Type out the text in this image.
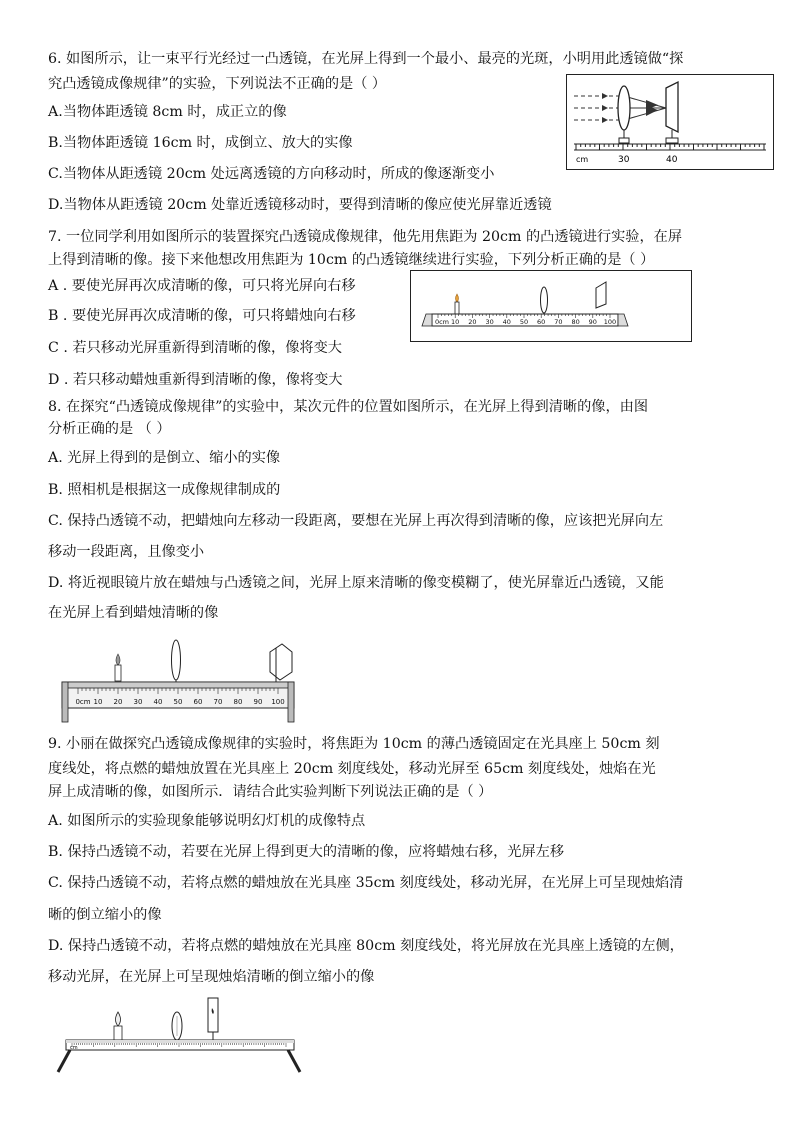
6. 如图所示，让一束平行光经过一凸透镜，在光屏上得到一个最小、最亮的光斑，小明用此透镜做“探
究凸透镜成像规律”的实验，下列说法不正确的是（ ）
A.当物体距透镜 8cm 时，成正立的像
B.当物体距透镜 16cm 时，成倒立、放大的实像
C.当物体从距透镜 20cm 处远离透镜的方向移动时，所成的像逐渐变小
D.当物体从距透镜 20cm 处靠近透镜移动时，要得到清晰的像应使光屏靠近透镜
cm	30	40
7. 一位同学利用如图所示的装置探究凸透镜成像规律，他先用焦距为 20cm 的凸透镜进行实验，在屏
上得到清晰的像。接下来他想改用焦距为 10cm 的凸透镜继续进行实验，下列分析正确的是（ ）
A . 要使光屏再次成清晰的像，可只将光屏向右移
B . 要使光屏再次成清晰的像，可只将蜡烛向右移
C . 若只移动光屏重新得到清晰的像，像将变大
D . 若只移动蜡烛重新得到清晰的像，像将变大
0cm 10 20 30 40 50 60 70 80 90 100
8. 在探究“凸透镜成像规律”的实验中，某次元件的位置如图所示，在光屏上得到清晰的像，由图
分析正确的是 （ ）
A. 光屏上得到的是倒立、缩小的实像
B. 照相机是根据这一成像规律制成的
C. 保持凸透镜不动，把蜡烛向左移动一段距离，要想在光屏上再次得到清晰的像，应该把光屏向左
移动一段距离，且像变小
D. 将近视眼镜片放在蜡烛与凸透镜之间，光屏上原来清晰的像变模糊了，使光屏靠近凸透镜，又能
在光屏上看到蜡烛清晰的像
0cm 10 20 30 40 50 60 70 80 90 100
9. 小丽在做探究凸透镜成像规律的实验时，将焦距为 10cm 的薄凸透镜固定在光具座上 50cm 刻
度线处，将点燃的蜡烛放置在光具座上 20cm 刻度线处，移动光屏至 65cm 刻度线处，烛焰在光
屏上成清晰的像，如图所示．请结合此实验判断下列说法正确的是（ ）
A. 如图所示的实验现象能够说明幻灯机的成像特点
B. 保持凸透镜不动，若要在光屏上得到更大的清晰的像，应将蜡烛右移，光屏左移
C. 保持凸透镜不动，若将点燃的蜡烛放在光具座 35cm 刻度线处，移动光屏，在光屏上可呈现烛焰清
晰的倒立缩小的像
D. 保持凸透镜不动，若将点燃的蜡烛放在光具座 80cm 刻度线处，将光屏放在光具座上透镜的左侧，
移动光屏，在光屏上可呈现烛焰清晰的倒立缩小的像
cm
